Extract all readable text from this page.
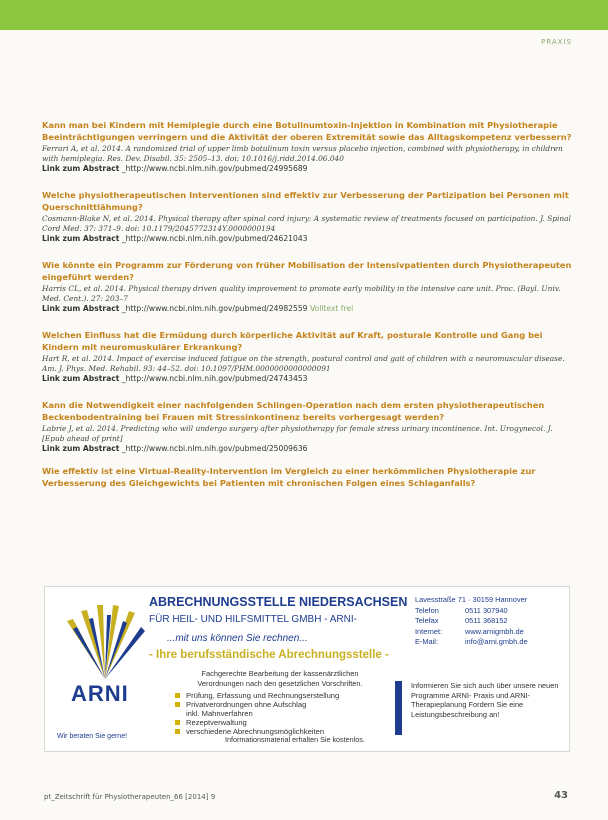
PRAXIS

Kann man bei Kindern mit Hemiplegie durch eine Botulinumtoxin-Injektion in Kombination mit Physiotherapie Beeinträchtigungen verringern und die Aktivität der oberen Extremität sowie das Alltagskompetenz verbessern?

Ferrari A, et al. 2014. A randomized trial of upper limb botulinum toxin versus placebo injection, combined with physiotherapy, in children with hemiplegia. Res. Dev. Disabil. 35: 2505–13. doi: 10.1016/j.ridd.2014.06.040

Link zum Abstract _http://www.ncbi.nlm.nih.gov/pubmed/24995689

Welche physiotherapeutischen Interventionen sind effektiv zur Verbesserung der Partizipation bei Personen mit Querschnittlähmung?

Cosmann-Blake N, et al. 2014. Physical therapy after spinal cord injury: A systematic review of treatments focused on participation. J. Spinal Cord Med. 37: 371–9. doi: 10.1179/2045772314Y.0000000194

Link zum Abstract _http://www.ncbi.nlm.nih.gov/pubmed/24621043

Wie könnte ein Programm zur Förderung von früher Mobilisation der Intensivpatienten durch Physiotherapeuten eingeführt werden?

Harris CL, et al. 2014. Physical therapy driven quality improvement to promote early mobility in the intensive care unit. Proc. (Bayl. Univ. Med. Cent.). 27: 203–7

Link zum Abstract _http://www.ncbi.nlm.nih.gov/pubmed/24982559 Volltext frei

Welchen Einfluss hat die Ermüdung durch körperliche Aktivität auf Kraft, posturale Kontrolle und Gang bei Kindern mit neuromuskulärer Erkrankung?

Hart R, et al. 2014. Impact of exercise induced fatigue on the strength, postural control and gait of children with a neuromuscular disease. Am. J. Phys. Med. Rehabil. 93: 44–52. doi: 10.1097/PHM.0000000000000091

Link zum Abstract _http://www.ncbi.nlm.nih.gov/pubmed/24743453

Kann die Notwendigkeit einer nachfolgenden Schlingen-Operation nach dem ersten physiotherapeutischen Beckenbodentraining bei Frauen mit Stressinkontinenz bereits vorhergesagt werden?

Labrie J, et al. 2014. Predicting who will undergo surgery after physiotherapy for female stress urinary incontinence. Int. Urogynecol. J. [Epub ahead of print]

Link zum Abstract _http://www.ncbi.nlm.nih.gov/pubmed/25009636

Wie effektiv ist eine Virtual-Reality-Intervention im Vergleich zu einer herkömmlichen Physiotherapie zur Verbesserung des Gleichgewichts bei Patienten mit chronischen Folgen eines Schlaganfalls?

ARNI
Wir beraten Sie gerne!
ABRECHNUNGSSTELLE NIEDERSACHSEN
FÜR HEIL- UND HILFSMITTEL GMBH - ARNI-
...mit uns können Sie rechnen...
- Ihre berufsständische Abrechnungsstelle -
Fachgerechte Bearbeitung der kassenärztlichen Verordnungen nach den gesetzlichen Vorschriften.
Prüfung, Erfassung und Rechnungserstellung
Privatverordnungen ohne Aufschlag
inkl. Mahnverfahren
Rezeptverwaltung
verschiedene Abrechnungsmöglichkeiten
Informationsmaterial erhalten Sie kostenlos.
Lavesstraße 71 · 30159 Hannover
Telefon	0511 307940
Telefax	0511 368152
Internet:	www.arnigmbh.de
E-Mail:	info@arni.gmbh.de
Informieren Sie sich auch über unsere neuen Programme ARNI- Praxis und ARNI- Therapieplanung Fordern Sie eine Leistungsbeschreibung an!
pt_Zeitschrift für Physiotherapeuten_66 [2014] 9	43
